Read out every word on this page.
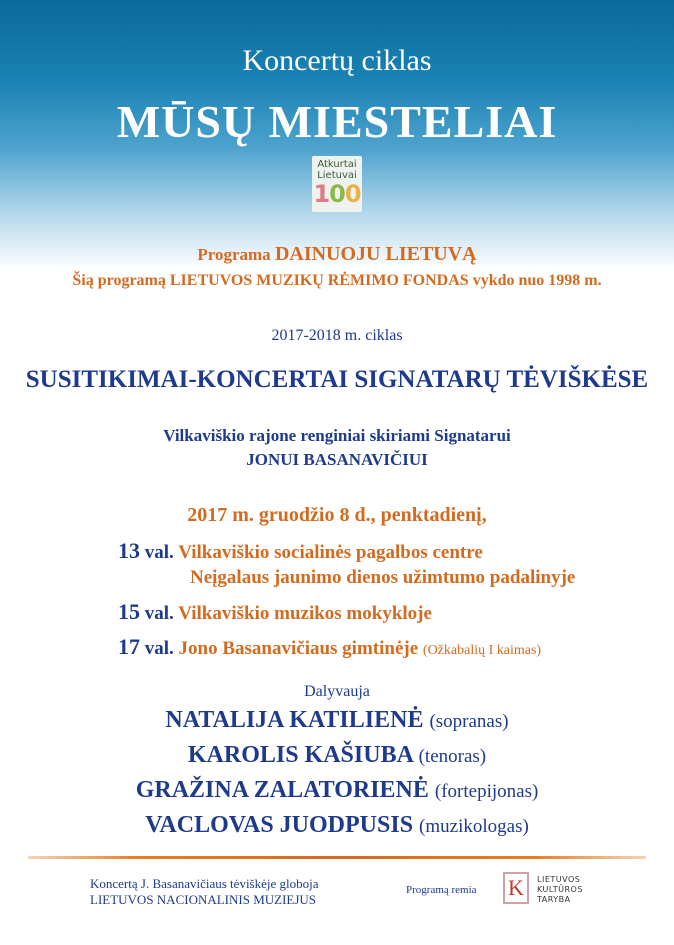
Koncertų ciklas
MŪSŲ MIESTELIAI
Atkurtai
Lietuvai
100
Programa DAINUOJU LIETUVĄ
Šią programą LIETUVOS MUZIKŲ RĖMIMO FONDAS vykdo nuo 1998 m.
2017-2018 m. ciklas
SUSITIKIMAI-KONCERTAI SIGNATARŲ TĖVIŠKĖSE
Vilkaviškio rajone renginiai skiriami Signatarui
JONUI BASANAVIČIUI
2017 m. gruodžio 8 d., penktadienį,
13 val. Vilkaviškio socialinės pagalbos centre
Neįgalaus jaunimo dienos užimtumo padalinyje
15 val. Vilkaviškio muzikos mokykloje
17 val. Jono Basanavičiaus gimtinėje (Ožkabalių I kaimas)
Dalyvauja
NATALIJA KATILIENĖ (sopranas)
KAROLIS KAŠIUBA (tenoras)
GRAŽINA ZALATORIENĖ (fortepijonas)
VACLOVAS JUODPUSIS (muzikologas)
Koncertą J. Basanavičiaus tėviškėje globoja
LIETUVOS NACIONALINIS MUZIEJUS
Programą remia K	LIETUVOS
KULTŪROS
TARYBA
